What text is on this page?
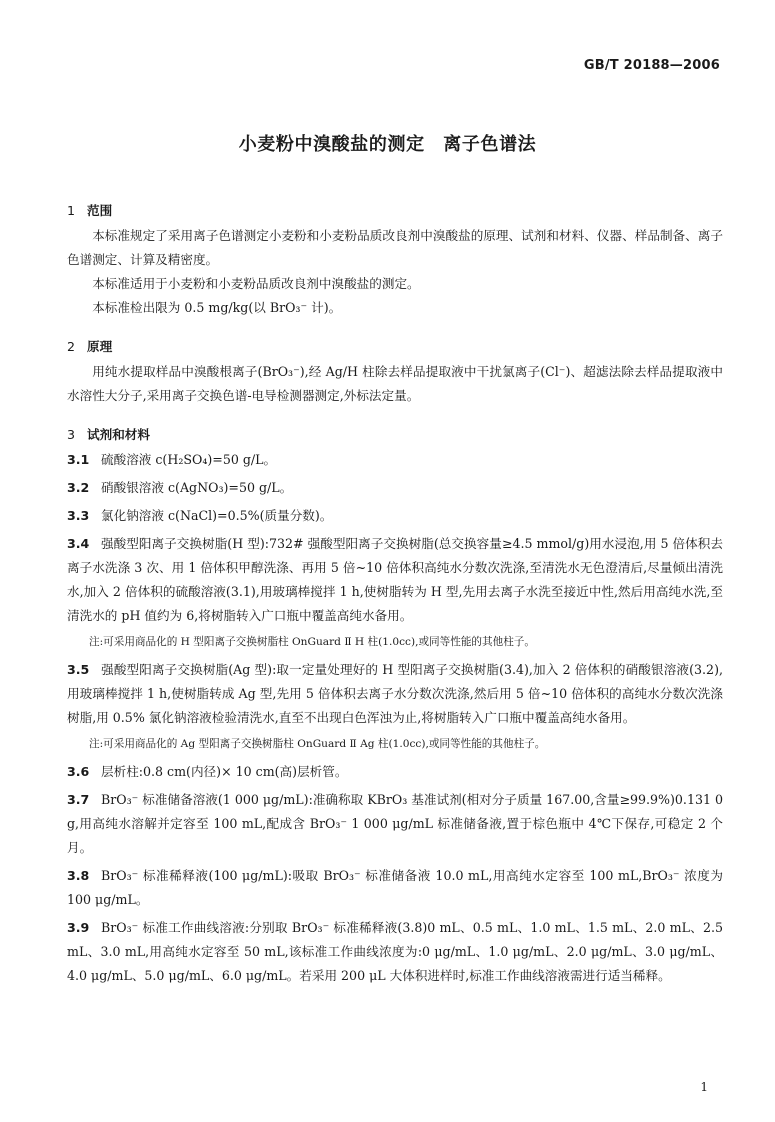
GB/T 20188—2006
小麦粉中溴酸盐的测定　离子色谱法
1 范围

本标准规定了采用离子色谱测定小麦粉和小麦粉品质改良剂中溴酸盐的原理、试剂和材料、仪器、样品制备、离子色谱测定、计算及精密度。

本标准适用于小麦粉和小麦粉品质改良剂中溴酸盐的测定。

本标准检出限为 0.5 mg/kg(以 BrO₃⁻ 计)。

2 原理

用纯水提取样品中溴酸根离子(BrO₃⁻),经 Ag/H 柱除去样品提取液中干扰氯离子(Cl⁻)、超滤法除去样品提取液中水溶性大分子,采用离子交换色谱-电导检测器测定,外标法定量。

3 试剂和材料

3.1 硫酸溶液 c(H₂SO₄)=50 g/L。

3.2 硝酸银溶液 c(AgNO₃)=50 g/L。

3.3 氯化钠溶液 c(NaCl)=0.5%(质量分数)。

3.4 强酸型阳离子交换树脂(H 型):732# 强酸型阳离子交换树脂(总交换容量≥4.5 mmol/g)用水浸泡,用 5 倍体积去离子水洗涤 3 次、用 1 倍体积甲醇洗涤、再用 5 倍~10 倍体积高纯水分数次洗涤,至清洗水无色澄清后,尽量倾出清洗水,加入 2 倍体积的硫酸溶液(3.1),用玻璃棒搅拌 1 h,使树脂转为 H 型,先用去离子水洗至接近中性,然后用高纯水洗,至清洗水的 pH 值约为 6,将树脂转入广口瓶中覆盖高纯水备用。

注:可采用商品化的 H 型阳离子交换树脂柱 OnGuard Ⅱ H 柱(1.0cc),或同等性能的其他柱子。

3.5 强酸型阳离子交换树脂(Ag 型):取一定量处理好的 H 型阳离子交换树脂(3.4),加入 2 倍体积的硝酸银溶液(3.2),用玻璃棒搅拌 1 h,使树脂转成 Ag 型,先用 5 倍体积去离子水分数次洗涤,然后用 5 倍~10 倍体积的高纯水分数次洗涤树脂,用 0.5% 氯化钠溶液检验清洗水,直至不出现白色浑浊为止,将树脂转入广口瓶中覆盖高纯水备用。

注:可采用商品化的 Ag 型阳离子交换树脂柱 OnGuard Ⅱ Ag 柱(1.0cc),或同等性能的其他柱子。

3.6 层析柱:0.8 cm(内径)× 10 cm(高)层析管。

3.7 BrO₃⁻ 标准储备溶液(1 000 μg/mL):准确称取 KBrO₃ 基准试剂(相对分子质量 167.00,含量≥99.9%)0.131 0 g,用高纯水溶解并定容至 100 mL,配成含 BrO₃⁻ 1 000 μg/mL 标准储备液,置于棕色瓶中 4℃下保存,可稳定 2 个月。

3.8 BrO₃⁻ 标准稀释液(100 μg/mL):吸取 BrO₃⁻ 标准储备液 10.0 mL,用高纯水定容至 100 mL,BrO₃⁻ 浓度为 100 μg/mL。

3.9 BrO₃⁻ 标准工作曲线溶液:分别取 BrO₃⁻ 标准稀释液(3.8)0 mL、0.5 mL、1.0 mL、1.5 mL、2.0 mL、2.5 mL、3.0 mL,用高纯水定容至 50 mL,该标准工作曲线浓度为:0 μg/mL、1.0 μg/mL、2.0 μg/mL、3.0 μg/mL、4.0 μg/mL、5.0 μg/mL、6.0 μg/mL。若采用 200 μL 大体积进样时,标准工作曲线溶液需进行适当稀释。

1
